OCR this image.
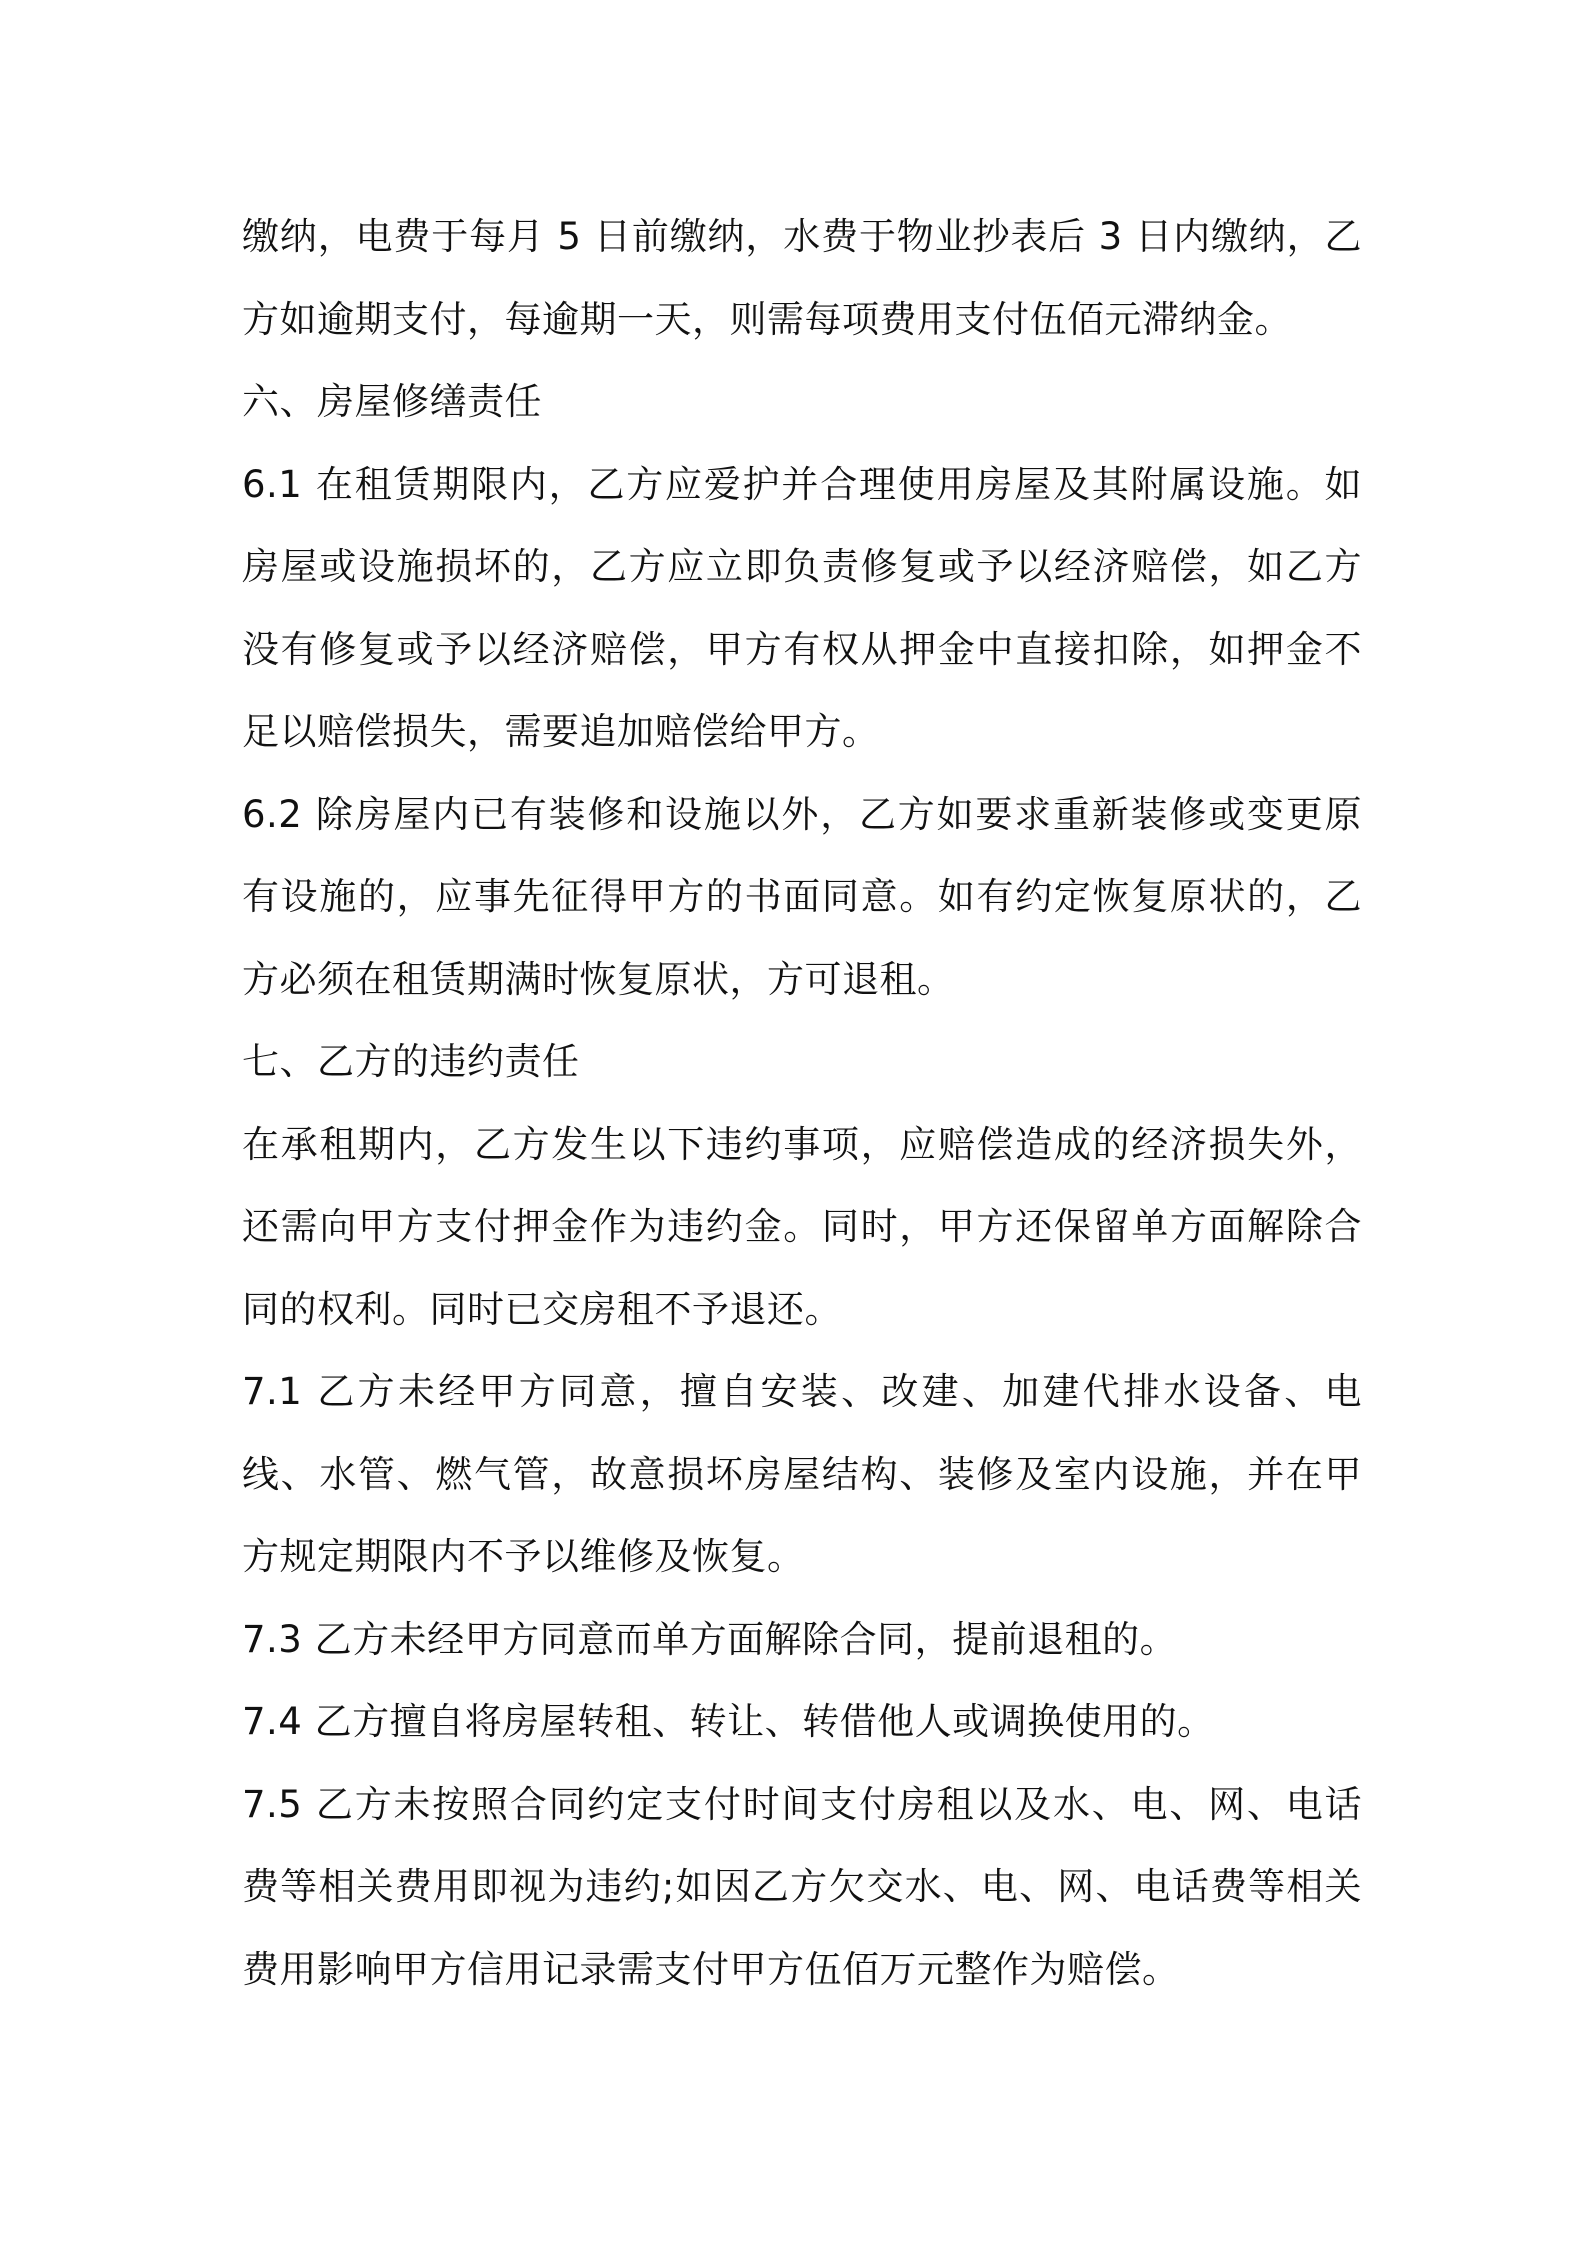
缴纳，电费于每月 5 日前缴纳，水费于物业抄表后 3 日内缴纳，乙方如逾期支付，每逾期一天，则需每项费用支付伍佰元滞纳金。

六、房屋修缮责任

6.1 在租赁期限内，乙方应爱护并合理使用房屋及其附属设施。如房屋或设施损坏的，乙方应立即负责修复或予以经济赔偿，如乙方没有修复或予以经济赔偿，甲方有权从押金中直接扣除，如押金不足以赔偿损失，需要追加赔偿给甲方。

6.2 除房屋内已有装修和设施以外，乙方如要求重新装修或变更原有设施的，应事先征得甲方的书面同意。如有约定恢复原状的，乙方必须在租赁期满时恢复原状，方可退租。

七、乙方的违约责任

在承租期内，乙方发生以下违约事项，应赔偿造成的经济损失外，还需向甲方支付押金作为违约金。同时，甲方还保留单方面解除合同的权利。同时已交房租不予退还。

7.1 乙方未经甲方同意，擅自安装、改建、加建代排水设备、电线、水管、燃气管，故意损坏房屋结构、装修及室内设施，并在甲方规定期限内不予以维修及恢复。

7.3 乙方未经甲方同意而单方面解除合同，提前退租的。

7.4 乙方擅自将房屋转租、转让、转借他人或调换使用的。

7.5 乙方未按照合同约定支付时间支付房租以及水、电、网、电话费等相关费用即视为违约;如因乙方欠交水、电、网、电话费等相关费用影响甲方信用记录需支付甲方伍佰万元整作为赔偿。
